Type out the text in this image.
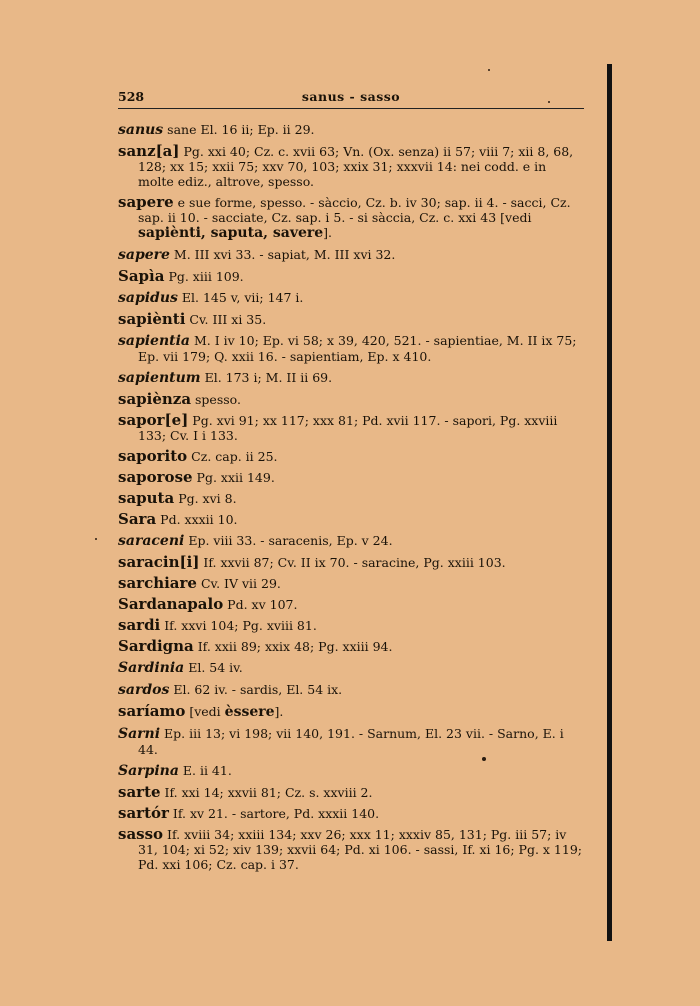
528	sanus - sasso
sanus sane El. 16 ii; Ep. ii 29.
sanz[a] Pg. xxi 40; Cz. c. xvii 63; Vn. (Ox. senza) ii 57; viii 7; xii 8, 68, 128; xx 15; xxii 75; xxv 70, 103; xxix 31; xxxvii 14: nei codd. e in molte ediz., altrove, spesso.
sapere e sue forme, spesso. - sàccio, Cz. b. iv 30; sap. ii 4. - sacci, Cz. sap. ii 10. - sacciate, Cz. sap. i 5. - si sàccia, Cz. c. xxi 43 [vedi sapiènti, saputa, savere].
sapere M. III xvi 33. - sapiat, M. III xvi 32.
Sapìa Pg. xiii 109.
sapidus El. 145 v, vii; 147 i.
sapiènti Cv. III xi 35.
sapientia M. I iv 10; Ep. vi 58; x 39, 420, 521. - sapientiae, M. II ix 75; Ep. vii 179; Q. xxii 16. - sapientiam, Ep. x 410.
sapientum El. 173 i; M. II ii 69.
sapiènza spesso.
sapor[e] Pg. xvi 91; xx 117; xxx 81; Pd. xvii 117. - sapori, Pg. xxviii 133; Cv. I i 133.
saporito Cz. cap. ii 25.
saporose Pg. xxii 149.
saputa Pg. xvi 8.
Sara Pd. xxxii 10.
saraceni Ep. viii 33. - saracenis, Ep. v 24.
saracin[i] If. xxvii 87; Cv. II ix 70. - saracine, Pg. xxiii 103.
sarchiare Cv. IV vii 29.
Sardanapalo Pd. xv 107.
sardi If. xxvi 104; Pg. xviii 81.
Sardigna If. xxii 89; xxix 48; Pg. xxiii 94.
Sardinia El. 54 iv.
sardos El. 62 iv. - sardis, El. 54 ix.
saríamo [vedi èssere].
Sarni Ep. iii 13; vi 198; vii 140, 191. - Sarnum, El. 23 vii. - Sarno, E. i 44.
Sarpina E. ii 41.
sarte If. xxi 14; xxvii 81; Cz. s. xxviii 2.
sartór If. xv 21. - sartore, Pd. xxxii 140.
sasso If. xviii 34; xxiii 134; xxv 26; xxx 11; xxxiv 85, 131; Pg. iii 57; iv 31, 104; xi 52; xiv 139; xxvii 64; Pd. xi 106. - sassi, If. xi 16; Pg. x 119; Pd. xxi 106; Cz. cap. i 37.
